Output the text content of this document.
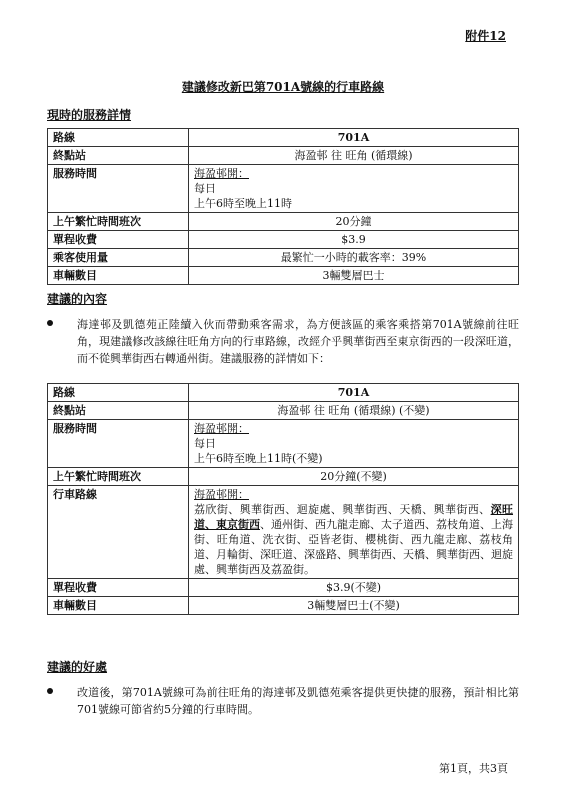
附件12
建議修改新巴第701A號線的行車路線
現時的服務詳情
路線	701A
終點站	海盈邨 往 旺角 (循環線)
服務時間	海盈邨開：
每日
上午6時至晚上11時

上午繁忙時間班次	20分鐘
單程收費	$3.9
乘客使用量	最繁忙一小時的載客率：39%
車輛數目	3輛雙層巴士
建議的內容
海達邨及凱德苑正陸續入伙而帶動乘客需求，為方便該區的乘客乘搭第701A號線前往旺角，現建議修改該線往旺角方向的行車路線，改經介乎興華街西至東京街西的一段深旺道，而不從興華街西右轉通州街。建議服務的詳情如下：
路線	701A
終點站	海盈邨 往 旺角 (循環線) (不變)
服務時間	海盈邨開：
每日
上午6時至晚上11時(不變)

上午繁忙時間班次	20分鐘(不變)
行車路線	海盈邨開：
荔欣街、興華街西、迴旋處、興華街西、天橋、興華街西、深旺道、東京街西、通州街、西九龍走廊、太子道西、荔枝角道、上海街、旺角道、洗衣街、亞皆老街、櫻桃街、西九龍走廊、荔枝角道、月輪街、深旺道、深盛路、興華街西、天橋、興華街西、迴旋處、興華街西及荔盈街。

單程收費	$3.9(不變)
車輛數目	3輛雙層巴士(不變)
建議的好處
改道後，第701A號線可為前往旺角的海達邨及凱德苑乘客提供更快捷的服務，預計相比第701號線可節省約5分鐘的行車時間。
第1頁，共3頁
